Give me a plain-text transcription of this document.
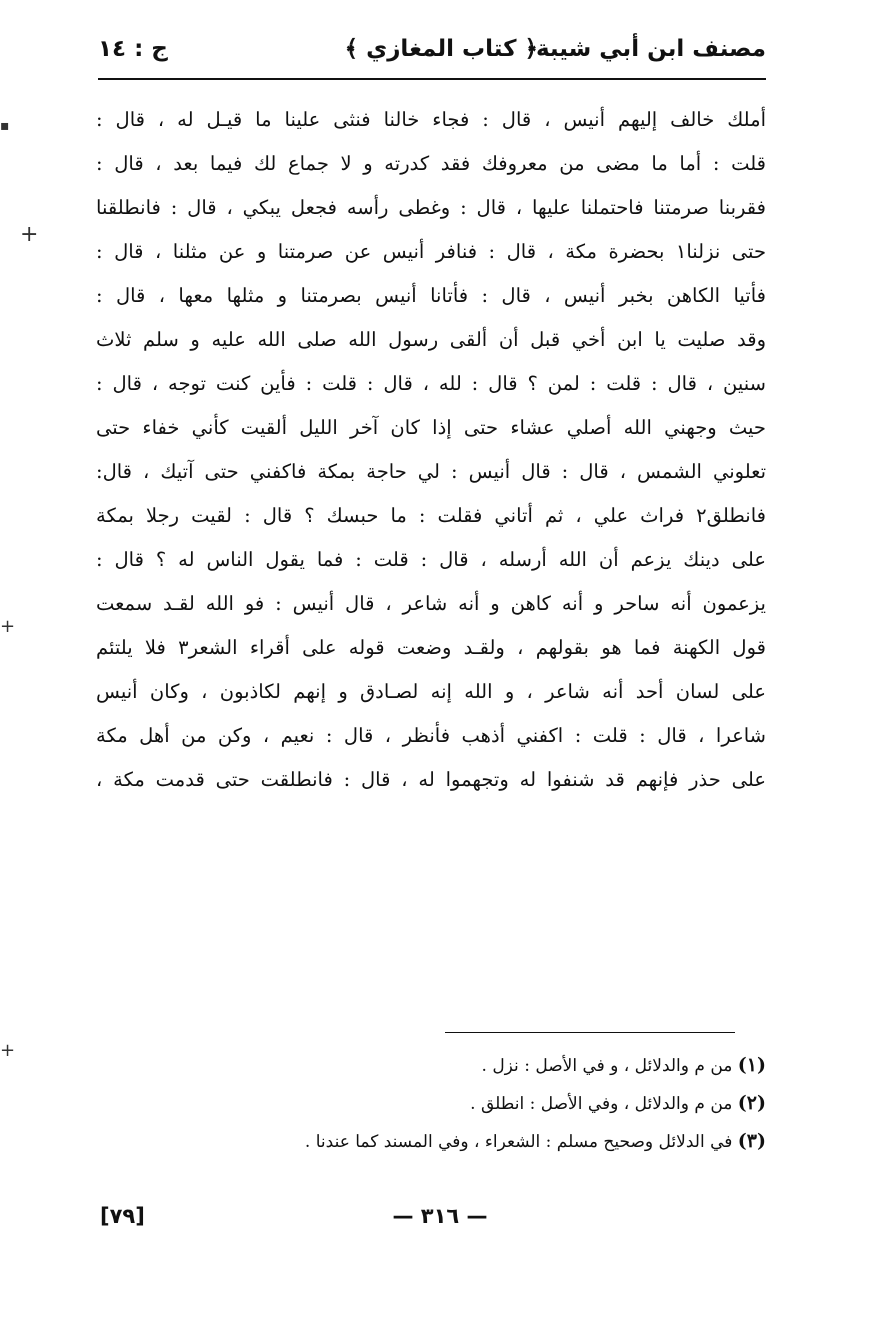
مصنف ابن أبي شيبة
﴿ كتاب المغازي ﴾
ج : ١٤
أملك خالف إليهم أنيس ، قال : فجاء خالنا فنثى علينا ما قيـل له ، قال :
قلت : أما ما مضى من معروفك فقد كدرته و لا جماع لك فيما بعد ، قال :
فقربنا صرمتنا فاحتملنا عليها ، قال : وغطى رأسه فجعل يبكي ، قال : فانطلقنا
حتى نزلنا١ بحضرة مكة ، قال : فنافر أنيس عن صرمتنا و عن مثلنا ، قال :
فأتيا الكاهن بخبر أنيس ، قال : فأتانا أنيس بصرمتنا و مثلها معها ، قال :
وقد صليت يا ابن أخي قبل أن ألقى رسول الله صلى الله عليه و سلم ثلاث
سنين ، قال : قلت : لمن ؟ قال : لله ، قال : قلت : فأين كنت توجه ، قال :
حيث وجهني الله أصلي عشاء حتى إذا كان آخر الليل ألقيت كأني خفاء حتى
تعلوني الشمس ، قال : قال أنيس : لي حاجة بمكة فاكفني حتى آتيك ، قال:
فانطلق٢ فراث علي ، ثم أتاني فقلت : ما حبسك ؟ قال : لقيت رجلا بمكة
على دينك يزعم أن الله أرسله ، قال : قلت : فما يقول الناس له ؟ قال :
يزعمون أنه ساحر و أنه كاهن و أنه شاعر ، قال أنيس : فو الله لقـد سمعت
قول الكهنة فما هو بقولهم ، ولقـد وضعت قوله على أقراء الشعر٣ فلا يلتئم
على لسان أحد أنه شاعر ، و الله إنه لصـادق و إنهم لكاذبون ، وكان أنيس
شاعرا ، قال : قلت : اكفني أذهب فأنظر ، قال : نعيم ، وكن من أهل مكة
على حذر فإنهم قد شنفوا له وتجهموا له ، قال : فانطلقت حتى قدمت مكة ،
(١) من م والدلائل ، و في الأصل : نزل .
(٢) من م والدلائل ، وفي الأصل : انطلق .
(٣) في الدلائل وصحيح مسلم : الشعراء ، وفي المسند كما عندنا .
[٧٩]	— ٣١٦ —
▪
+
+
+
